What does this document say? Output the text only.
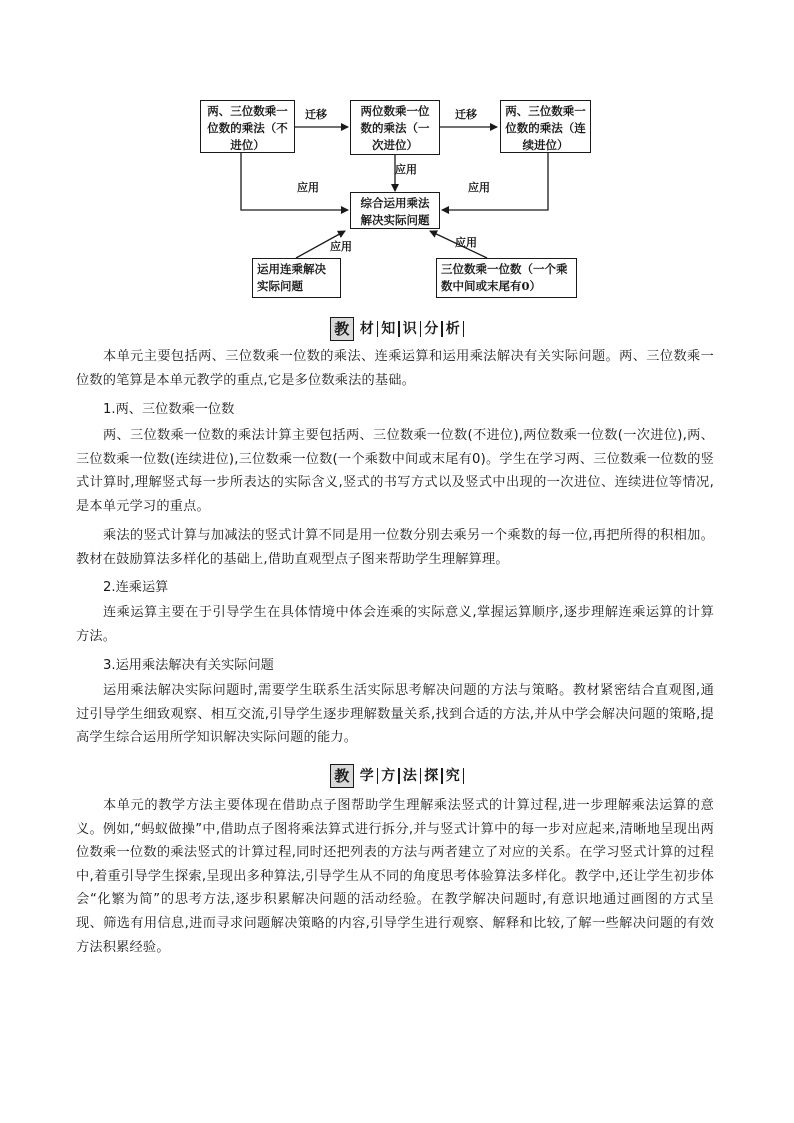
两、三位数乘一位数的乘法（不进位）
两位数乘一位数的乘法（一次进位）
两、三位数乘一位数的乘法（连续进位）
综合运用乘法解决实际问题
运用连乘解决实际问题
三位数乘一位数（一个乘数中间或末尾有0）
迁移	迁移
应用
应用	应用
应用	应用
教 材 知 识 分 析

本单元主要包括两、三位数乘一位数的乘法、连乘运算和运用乘法解决有关实际问题。两、三位数乘一位数的笔算是本单元教学的重点,它是多位数乘法的基础。

1.两、三位数乘一位数

两、三位数乘一位数的乘法计算主要包括两、三位数乘一位数(不进位),两位数乘一位数(一次进位),两、三位数乘一位数(连续进位),三位数乘一位数(一个乘数中间或末尾有0)。学生在学习两、三位数乘一位数的竖式计算时,理解竖式每一步所表达的实际含义,竖式的书写方式以及竖式中出现的一次进位、连续进位等情况,是本单元学习的重点。

乘法的竖式计算与加减法的竖式计算不同是用一位数分别去乘另一个乘数的每一位,再把所得的积相加。教材在鼓励算法多样化的基础上,借助直观型点子图来帮助学生理解算理。

2.连乘运算

连乘运算主要在于引导学生在具体情境中体会连乘的实际意义,掌握运算顺序,逐步理解连乘运算的计算方法。

3.运用乘法解决有关实际问题

运用乘法解决实际问题时,需要学生联系生活实际思考解决问题的方法与策略。教材紧密结合直观图,通过引导学生细致观察、相互交流,引导学生逐步理解数量关系,找到合适的方法,并从中学会解决问题的策略,提高学生综合运用所学知识解决实际问题的能力。

教 学 方 法 探 究

本单元的教学方法主要体现在借助点子图帮助学生理解乘法竖式的计算过程,进一步理解乘法运算的意义。例如,“蚂蚁做操”中,借助点子图将乘法算式进行拆分,并与竖式计算中的每一步对应起来,清晰地呈现出两位数乘一位数的乘法竖式的计算过程,同时还把列表的方法与两者建立了对应的关系。在学习竖式计算的过程中,着重引导学生探索,呈现出多种算法,引导学生从不同的角度思考体验算法多样化。教学中,还让学生初步体会“化繁为简”的思考方法,逐步积累解决问题的活动经验。在教学解决问题时,有意识地通过画图的方式呈现、筛选有用信息,进而寻求问题解决策略的内容,引导学生进行观察、解释和比较,了解一些解决问题的有效方法积累经验。
